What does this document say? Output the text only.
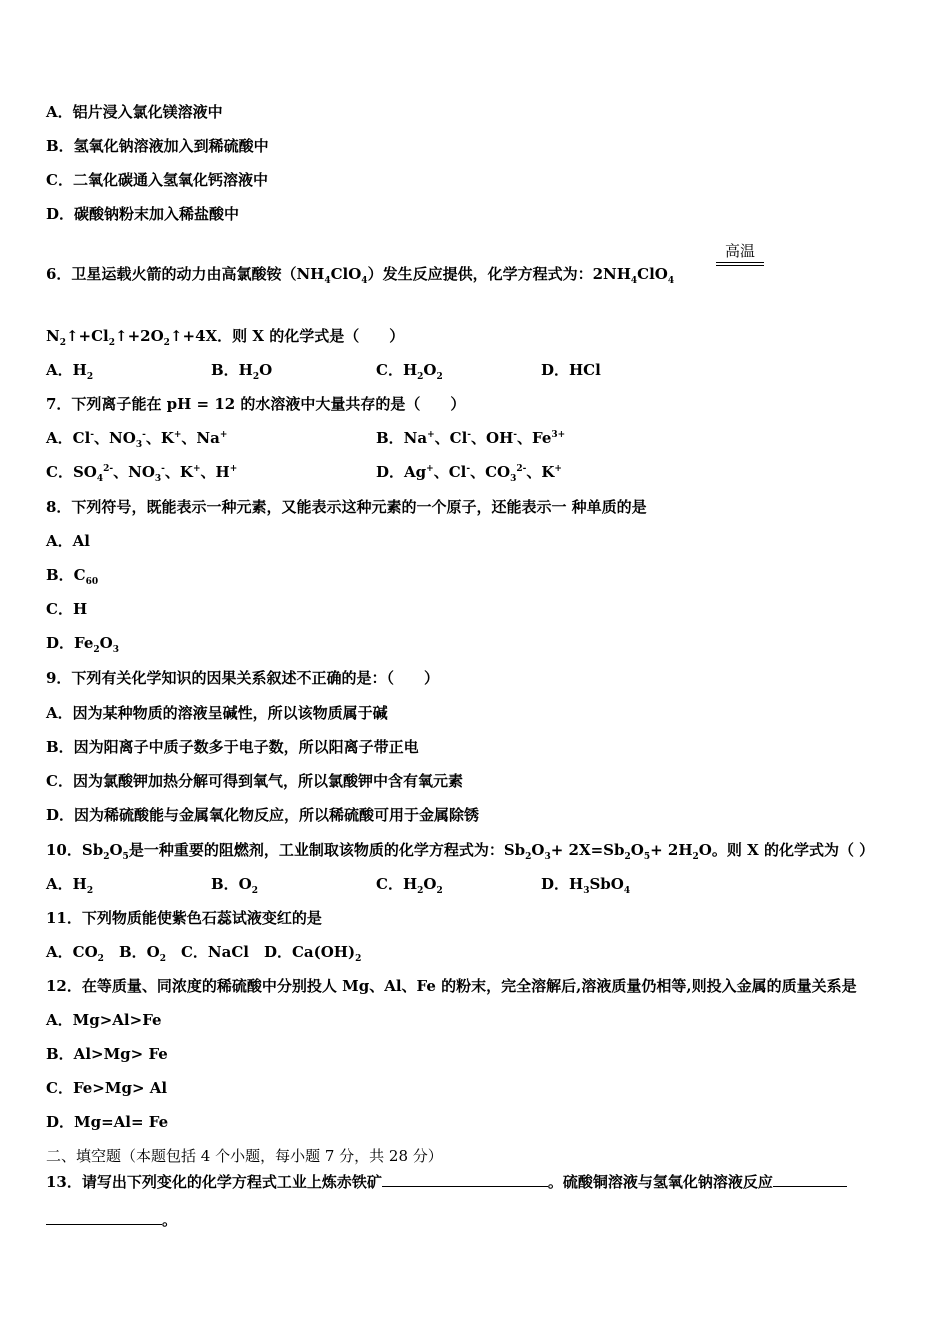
A．铝片浸入氯化镁溶液中
B．氢氧化钠溶液加入到稀硫酸中
C．二氧化碳通入氢氧化钙溶液中
D．碳酸钠粉末加入稀盐酸中
6．卫星运载火箭的动力由高氯酸铵$(NH_4ClO_4)$发生反应提供，化学方程式为：$2NH_4ClO_4$
高温
$N_2↑+Cl_2↑+2O_2↑+4X$．则 X 的化学式是（　　）
A．$H_2$	B．$H_2O$	C．$H_2O_2$	D．HCl
7．下列离子能在 pH = 12 的水溶液中大量共存的是（　　）
A．Cl-、$NO_3^-$、K+、Na+	B．Na+、Cl-、OH-、$Fe^{3+}$
C．$SO_4^{2-}$、$NO_3^-$、K+、H+	D．Ag+、Cl-、$CO_3^{2-}$、K+
8．下列符号，既能表示一种元素，又能表示这种元素的一个原子，还能表示一 种单质的是
A．Al
B．$C_{60}$
C．H
D．$Fe_2O_3$
9．下列有关化学知识的因果关系叙述不正确的是：（　　）
A．因为某种物质的溶液呈碱性，所以该物质属于碱
B．因为阳离子中质子数多于电子数，所以阳离子带正电
C．因为氯酸钾加热分解可得到氧气，所以氯酸钾中含有氧元素
D．因为稀硫酸能与金属氧化物反应，所以稀硫酸可用于金属除锈
10．$Sb_2O_5$是一种重要的阻燃剂，工业制取该物质的化学方程式为：$Sb_2O_3+ 2X=Sb_2O_5+ 2H_2O$。则 X 的化学式为（ ）
A．$H_2$	B．$O_2$	C．$H_2O_2$	D．$H_3SbO_4$
11．下列物质能使紫色石蕊试液变红的是
A．$CO_2$　 B．$O_2$　 C．NaCl　D．$Ca(OH)_2$
12．在等质量、同浓度的稀硫酸中分别投人 Mg、Al、Fe 的粉末，完全溶解后,溶液质量仍相等,则投入金属的质量关系是
A．Mg>Al>Fe
B．Al>Mg> Fe
C．Fe>Mg> Al
D．Mg=Al= Fe
二、填空题（本题包括 4 个小题，每小题 7 分，共 28 分）
13．请写出下列变化的化学方程式工业上炼赤铁矿	。硫酸铜溶液与氢氧化钠溶液反应
。
